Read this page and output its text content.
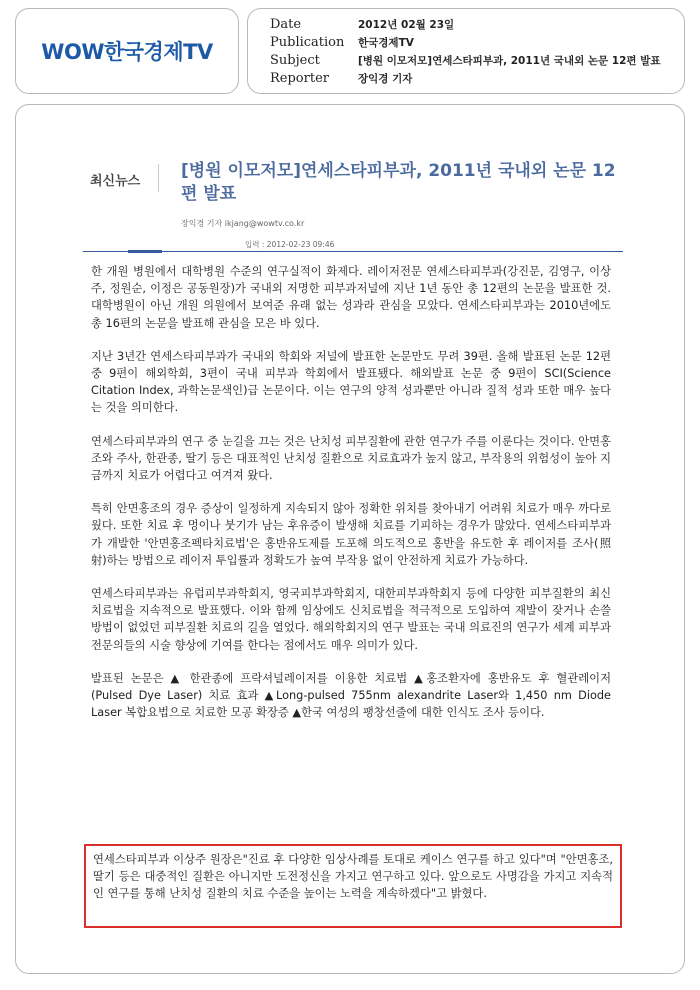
WOW한국경제TV
Date	2012년 02월 23일
Publication	한국경제TV
Subject	[병원 이모저모]연세스타피부과, 2011년 국내외 논문 12편 발표
Reporter	장익경 기자
최신뉴스
[병원 이모저모]연세스타피부과, 2011년 국내외 논문 12편 발표
장익경 기자 ikjang@wowtv.co.kr
입력 : 2012-02-23 09:46

한 개원 병원에서 대학병원 수준의 연구실적이 화제다. 레이저전문 연세스타피부과(강진문, 김영구, 이상주, 정원순, 이정은 공동원장)가 국내외 저명한 피부과저널에 지난 1년 동안 총 12편의 논문을 발표한 것. 대학병원이 아닌 개원 의원에서 보여준 유래 없는 성과라 관심을 모았다. 연세스타피부과는 2010년에도 총 16편의 논문을 발표해 관심을 모은 바 있다.

지난 3년간 연세스타피부과가 국내외 학회와 저널에 발표한 논문만도 무려 39편. 올해 발표된 논문 12편 중 9편이 해외학회, 3편이 국내 피부과 학회에서 발표됐다. 해외발표 논문 중 9편이 SCI(Science Citation Index, 과학논문색인)급 논문이다. 이는 연구의 양적 성과뿐만 아니라 질적 성과 또한 매우 높다는 것을 의미한다.

연세스타피부과의 연구 중 눈길을 끄는 것은 난치성 피부질환에 관한 연구가 주를 이룬다는 것이다. 안면홍조와 주사, 한관종, 딸기 등은 대표적인 난치성 질환으로 치료효과가 높지 않고, 부작용의 위험성이 높아 지금까지 치료가 어렵다고 여겨져 왔다.

특히 안면홍조의 경우 증상이 일정하게 지속되지 않아 정확한 위치를 찾아내기 어려워 치료가 매우 까다로웠다. 또한 치료 후 멍이나 붓기가 남는 후유증이 발생해 치료를 기피하는 경우가 많았다. 연세스타피부과가 개발한 '안면홍조펙타치료법'은 홍반유도제를 도포해 의도적으로 홍반을 유도한 후 레이저를 조사(照射)하는 방법으로 레이저 투입률과 정확도가 높여 부작용 없이 안전하게 치료가 가능하다.

연세스타피부과는 유럽피부과학회지, 영국피부과학회지, 대한피부과학회지 등에 다양한 피부질환의 최신 치료법을 지속적으로 발표했다. 이와 함께 임상에도 신치료법을 적극적으로 도입하여 재발이 잦거나 손쓸 방법이 없었던 피부질환 치료의 길을 열었다. 해외학회지의 연구 발표는 국내 의료진의 연구가 세계 피부과 전문의들의 시술 향상에 기여를 한다는 점에서도 매우 의미가 있다.

발표된 논문은 ▲ 한관종에 프락셔널레이저를 이용한 치료법 ▲홍조환자에 홍반유도 후 혈관레이저(Pulsed Dye Laser) 치료 효과 ▲Long-pulsed 755nm alexandrite Laser와 1,450 nm Diode Laser 복합요법으로 치료한 모공 확장증 ▲한국 여성의 팽창선줄에 대한 인식도 조사 등이다.

연세스타피부과 이상주 원장은"진료 후 다양한 임상사례를 토대로 케이스 연구를 하고 있다"며 "안면홍조, 딸기 등은 대중적인 질환은 아니지만 도전정신을 가지고 연구하고 있다. 앞으로도 사명감을 가지고 지속적인 연구를 통해 난치성 질환의 치료 수준을 높이는 노력을 계속하겠다"고 밝혔다.
